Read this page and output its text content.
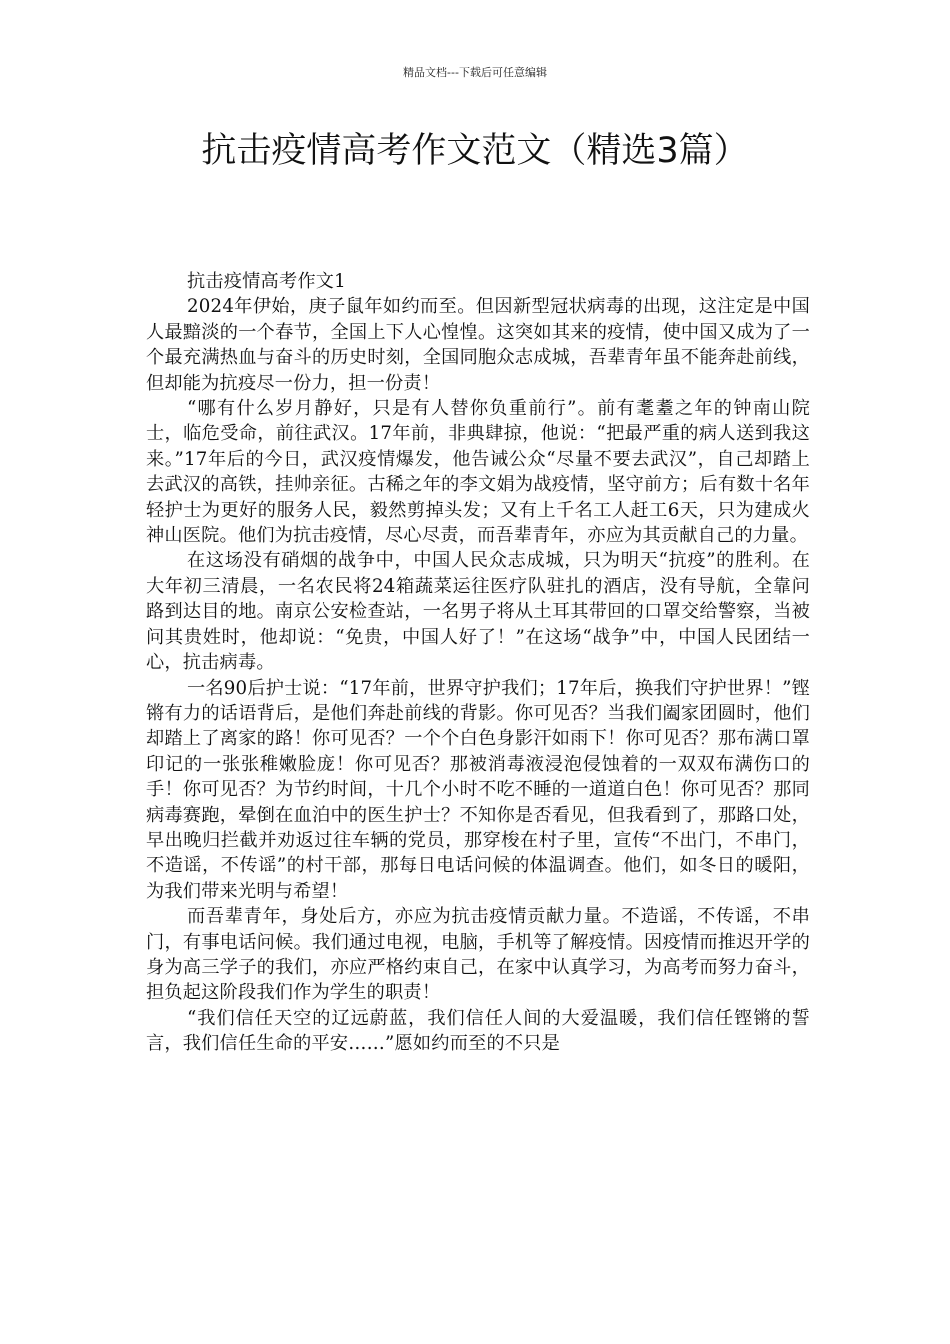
精品文档---下载后可任意编辑
抗击疫情高考作文范文（精选3篇）
抗击疫情高考作文1

2024年伊始，庚子鼠年如约而至。但因新型冠状病毒的出现，这注定是中国人最黯淡的一个春节，全国上下人心惶惶。这突如其来的疫情，使中国又成为了一个最充满热血与奋斗的历史时刻，全国同胞众志成城，吾辈青年虽不能奔赴前线，但却能为抗疫尽一份力，担一份责！

“哪有什么岁月静好，只是有人替你负重前行”。前有耄耋之年的钟南山院士，临危受命，前往武汉。17年前，非典肆掠，他说：“把最严重的病人送到我这来。”17年后的今日，武汉疫情爆发，他告诫公众“尽量不要去武汉”，自己却踏上去武汉的高铁，挂帅亲征。古稀之年的李文娟为战疫情，坚守前方；后有数十名年轻护士为更好的服务人民，毅然剪掉头发；又有上千名工人赶工6天，只为建成火神山医院。他们为抗击疫情，尽心尽责，而吾辈青年，亦应为其贡献自己的力量。

在这场没有硝烟的战争中，中国人民众志成城，只为明天“抗疫”的胜利。在大年初三清晨，一名农民将24箱蔬菜运往医疗队驻扎的酒店，没有导航，全靠问路到达目的地。南京公安检查站，一名男子将从土耳其带回的口罩交给警察，当被问其贵姓时，他却说：“免贵，中国人好了！”在这场“战争”中，中国人民团结一心，抗击病毒。

一名90后护士说：“17年前，世界守护我们；17年后，换我们守护世界！”铿锵有力的话语背后，是他们奔赴前线的背影。你可见否？当我们阖家团圆时，他们却踏上了离家的路！你可见否？一个个白色身影汗如雨下！你可见否？那布满口罩印记的一张张稚嫩脸庞！你可见否？那被消毒液浸泡侵蚀着的一双双布满伤口的手！你可见否？为节约时间，十几个小时不吃不睡的一道道白色！你可见否？那同病毒赛跑，晕倒在血泊中的医生护士？不知你是否看见，但我看到了，那路口处，早出晚归拦截并劝返过往车辆的党员，那穿梭在村子里，宣传“不出门，不串门，不造谣，不传谣”的村干部，那每日电话问候的体温调查。他们，如冬日的暖阳，为我们带来光明与希望！

而吾辈青年，身处后方，亦应为抗击疫情贡献力量。不造谣，不传谣，不串门，有事电话问候。我们通过电视，电脑，手机等了解疫情。因疫情而推迟开学的身为高三学子的我们，亦应严格约束自己，在家中认真学习，为高考而努力奋斗，担负起这阶段我们作为学生的职责！

“我们信任天空的辽远蔚蓝，我们信任人间的大爱温暖，我们信任铿锵的誓言，我们信任生命的平安……”愿如约而至的不只是
